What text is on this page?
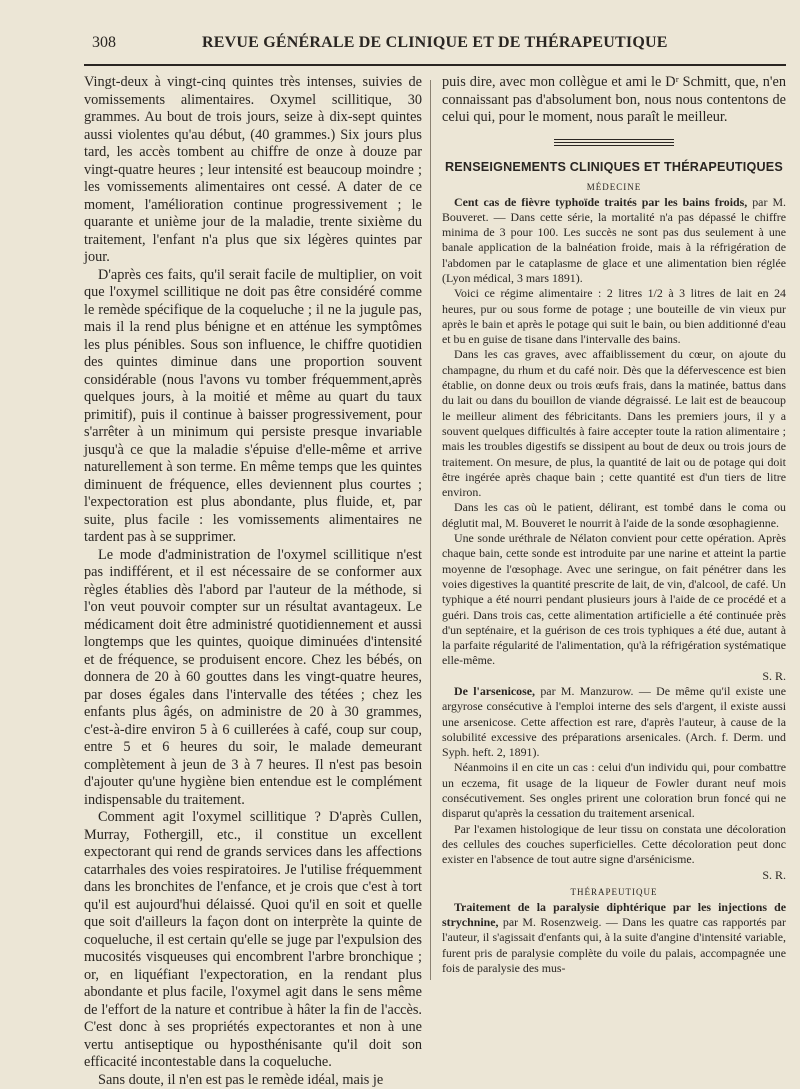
308	REVUE GÉNÉRALE DE CLINIQUE ET DE THÉRAPEUTIQUE

Vingt-deux à vingt-cinq quintes très intenses, suivies de vomissements alimentaires. Oxymel scillitique, 30 grammes. Au bout de trois jours, seize à dix-sept quintes aussi violentes qu'au début, (40 grammes.) Six jours plus tard, les accès tombent au chiffre de onze à douze par vingt-quatre heures ; leur intensité est beaucoup moindre ; les vomissements alimentaires ont cessé. A dater de ce moment, l'amélioration continue progressivement ; le quarante et unième jour de la maladie, trente sixième du traitement, l'enfant n'a plus que six légères quintes par jour.

D'après ces faits, qu'il serait facile de multiplier, on voit que l'oxymel scillitique ne doit pas être considéré comme le remède spécifique de la coqueluche ; il ne la jugule pas, mais il la rend plus bénigne et en atténue les symptômes les plus pénibles. Sous son influence, le chiffre quotidien des quintes diminue dans une proportion souvent considérable (nous l'avons vu tomber fréquemment,après quelques jours, à la moitié et même au quart du taux primitif), puis il continue à baisser progressivement, pour s'arrêter à un minimum qui persiste presque invariable jusqu'à ce que la maladie s'épuise d'elle-même et arrive naturellement à son terme. En même temps que les quintes diminuent de fréquence, elles deviennent plus courtes ; l'expectoration est plus abondante, plus fluide, et, par suite, plus facile : les vomissements alimentaires ne tardent pas à se supprimer.

Le mode d'administration de l'oxymel scillitique n'est pas indifférent, et il est nécessaire de se conformer aux règles établies dès l'abord par l'auteur de la méthode, si l'on veut pouvoir compter sur un résultat avantageux. Le médicament doit être administré quotidiennement et aussi longtemps que les quintes, quoique diminuées d'intensité et de fréquence, se produisent encore. Chez les bébés, on donnera de 20 à 60 gouttes dans les vingt-quatre heures, par doses égales dans l'intervalle des tétées ; chez les enfants plus âgés, on administre de 20 à 30 grammes, c'est-à-dire environ 5 à 6 cuillerées à café, coup sur coup, entre 5 et 6 heures du soir, le malade demeurant complètement à jeun de 3 à 7 heures. Il n'est pas besoin d'ajouter qu'une hygiène bien entendue est le complément indispensable du traitement.

Comment agit l'oxymel scillitique ? D'après Cullen, Murray, Fothergill, etc., il constitue un excellent expectorant qui rend de grands services dans les affections catarrhales des voies respiratoires. Je l'utilise fréquemment dans les bronchites de l'enfance, et je crois que c'est à tort qu'il est aujourd'hui délaissé. Quoi qu'il en soit et quelle que soit d'ailleurs la façon dont on interprète la quinte de coqueluche, il est certain qu'elle se juge par l'expulsion des mucosités visqueuses qui encombrent l'arbre bronchique ; or, en liquéfiant l'expectoration, en la rendant plus abondante et plus facile, l'oxymel agit dans le sens même de l'effort de la nature et contribue à hâter la fin de l'accès. C'est donc à ses propriétés expectorantes et non à une vertu antiseptique ou hyposthénisante qu'il doit son efficacité incontestable dans la coqueluche.

Sans doute, il n'en est pas le remède idéal, mais je

puis dire, avec mon collègue et ami le Dʳ Schmitt, que, n'en connaissant pas d'absolument bon, nous nous contentons de celui qui, pour le moment, nous paraît le meilleur.

RENSEIGNEMENTS CLINIQUES ET THÉRAPEUTIQUES
MÉDECINE

Cent cas de fièvre typhoïde traités par les bains froids, par M. Bouveret. — Dans cette série, la mortalité n'a pas dépassé le chiffre minima de 3 pour 100. Les succès ne sont pas dus seulement à une banale application de la balnéation froide, mais à la réfrigération de l'abdomen par le cataplasme de glace et une alimentation bien réglée (Lyon médical, 3 mars 1891).

Voici ce régime alimentaire : 2 litres 1/2 à 3 litres de lait en 24 heures, pur ou sous forme de potage ; une bouteille de vin vieux pur après le bain et après le potage qui suit le bain, ou bien additionné d'eau et bu en guise de tisane dans l'intervalle des bains.

Dans les cas graves, avec affaiblissement du cœur, on ajoute du champagne, du rhum et du café noir. Dès que la défervescence est bien établie, on donne deux ou trois œufs frais, dans la matinée, battus dans du lait ou dans du bouillon de viande dégraissé. Le lait est de beaucoup le meilleur aliment des fébricitants. Dans les premiers jours, il y a souvent quelques difficultés à faire accepter toute la ration alimentaire ; mais les troubles digestifs se dissipent au bout de deux ou trois jours de traitement. On mesure, de plus, la quantité de lait ou de potage qui doit être ingérée après chaque bain ; cette quantité est d'un tiers de litre environ.

Dans les cas où le patient, délirant, est tombé dans le coma ou déglutit mal, M. Bouveret le nourrit à l'aide de la sonde œsophagienne.

Une sonde uréthrale de Nélaton convient pour cette opération. Après chaque bain, cette sonde est introduite par une narine et atteint la partie moyenne de l'œsophage. Avec une seringue, on fait pénétrer dans les voies digestives la quantité prescrite de lait, de vin, d'alcool, de café. Un typhique a été nourri pendant plusieurs jours à l'aide de ce procédé et a guéri. Dans trois cas, cette alimentation artificielle a été continuée près d'un septénaire, et la guérison de ces trois typhiques a été due, autant à la parfaite régularité de l'alimentation, qu'à la réfrigération systématique elle-même.

S. R.

De l'arsenicose, par M. Manzurow. — De même qu'il existe une argyrose consécutive à l'emploi interne des sels d'argent, il existe aussi une arsenicose. Cette affection est rare, d'après l'auteur, à cause de la solubilité excessive des préparations arsenicales. (Arch. f. Derm. und Syph. heft. 2, 1891).

Néanmoins il en cite un cas : celui d'un individu qui, pour combattre un eczema, fit usage de la liqueur de Fowler durant neuf mois consécutivement. Ses ongles prirent une coloration brun foncé qui ne disparut qu'après la cessation du traitement arsenical.

Par l'examen histologique de leur tissu on constata une décoloration des cellules des couches superficielles. Cette décoloration peut donc exister en l'absence de tout autre signe d'arsénicisme.

S. R.

THÉRAPEUTIQUE

Traitement de la paralysie diphtérique par les injections de strychnine, par M. Rosenzweig. — Dans les quatre cas rapportés par l'auteur, il s'agissait d'enfants qui, à la suite d'angine d'intensité variable, furent pris de paralysie complète du voile du palais, accompagnée une fois de paralysie des mus-
